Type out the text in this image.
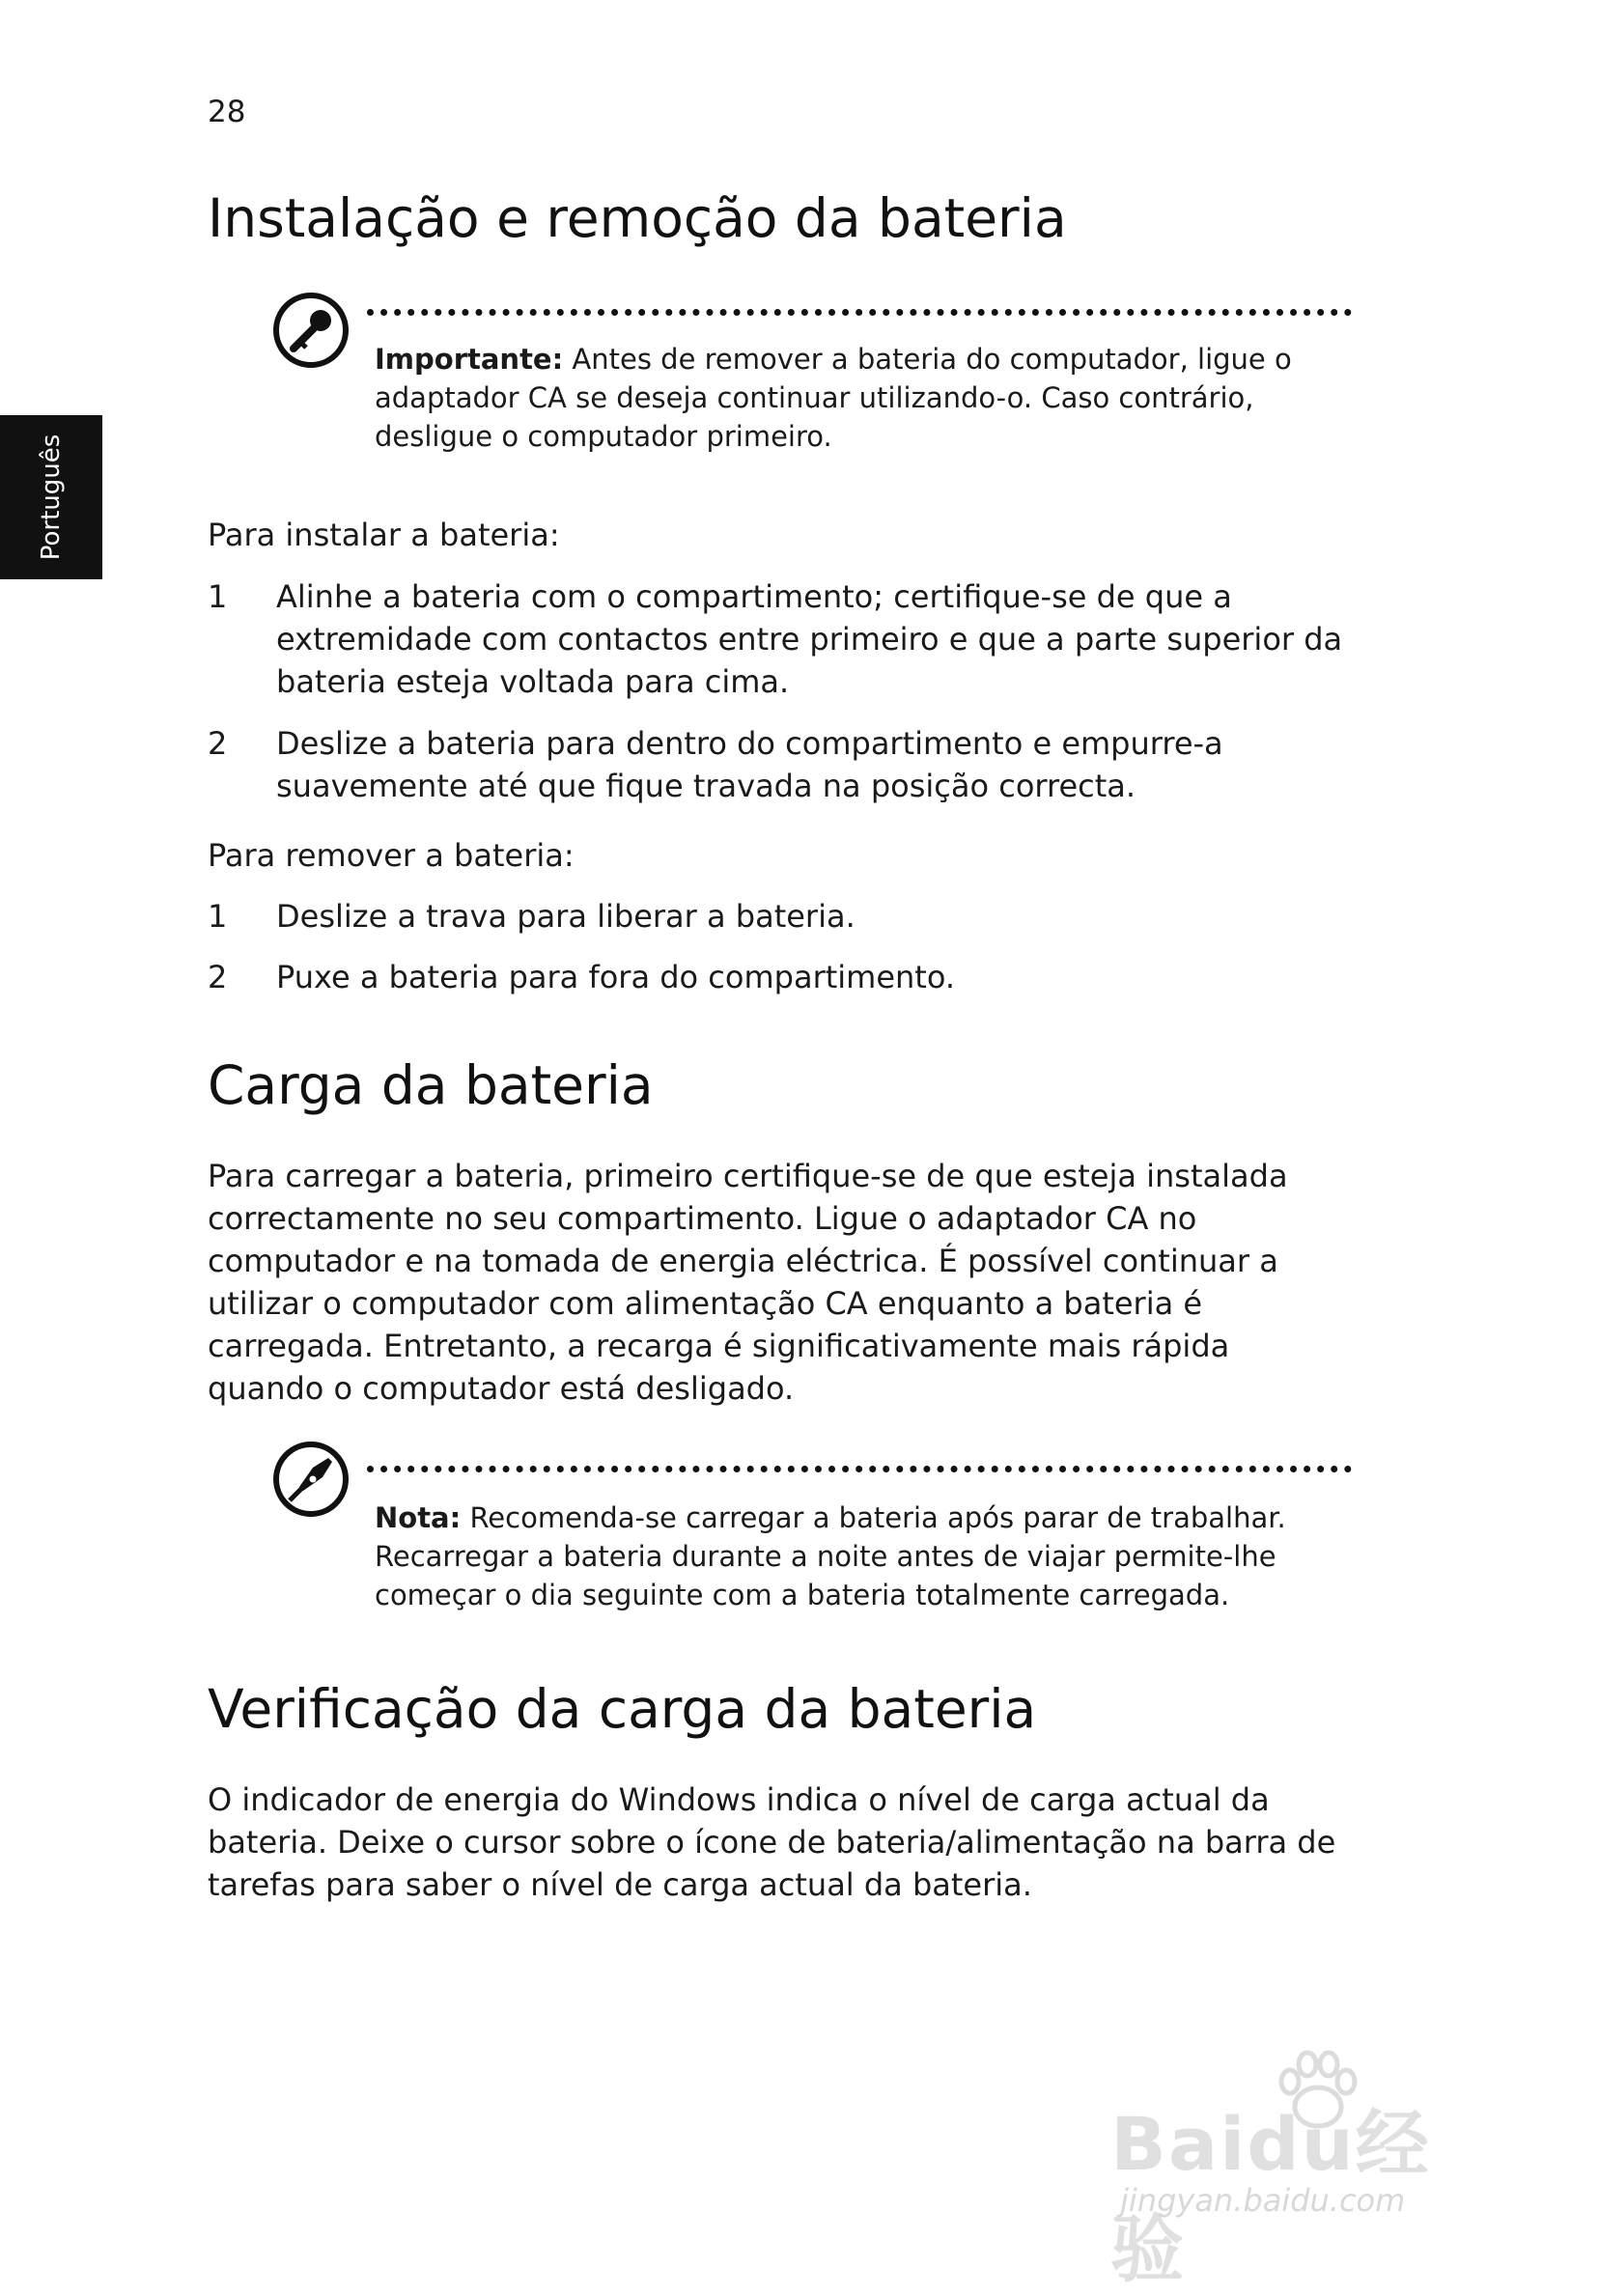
28
Português
Instalação e remoção da bateria
Importante: Antes de remover a bateria do computador, ligue o adaptador CA se deseja continuar utilizando-o. Caso contrário, desligue o computador primeiro.

Para instalar a bateria:

1 Alinhe a bateria com o compartimento; certifique-se de que a extremidade com contactos entre primeiro e que a parte superior da bateria esteja voltada para cima.
2 Deslize a bateria para dentro do compartimento e empurre-a suavemente até que fique travada na posição correcta.

Para remover a bateria:

1 Deslize a trava para liberar a bateria.
2 Puxe a bateria para fora do compartimento.
Carga da bateria

Para carregar a bateria, primeiro certifique-se de que esteja instalada correctamente no seu compartimento. Ligue o adaptador CA no computador e na tomada de energia eléctrica. É possível continuar a utilizar o computador com alimentação CA enquanto a bateria é carregada. Entretanto, a recarga é significativamente mais rápida quando o computador está desligado.

Nota: Recomenda-se carregar a bateria após parar de trabalhar. Recarregar a bateria durante a noite antes de viajar permite-lhe começar o dia seguinte com a bateria totalmente carregada.
Verificação da carga da bateria

O indicador de energia do Windows indica o nível de carga actual da bateria. Deixe o cursor sobre o ícone de bateria/alimentação na barra de tarefas para saber o nível de carga actual da bateria.

Baidu经验
jingyan.baidu.com
